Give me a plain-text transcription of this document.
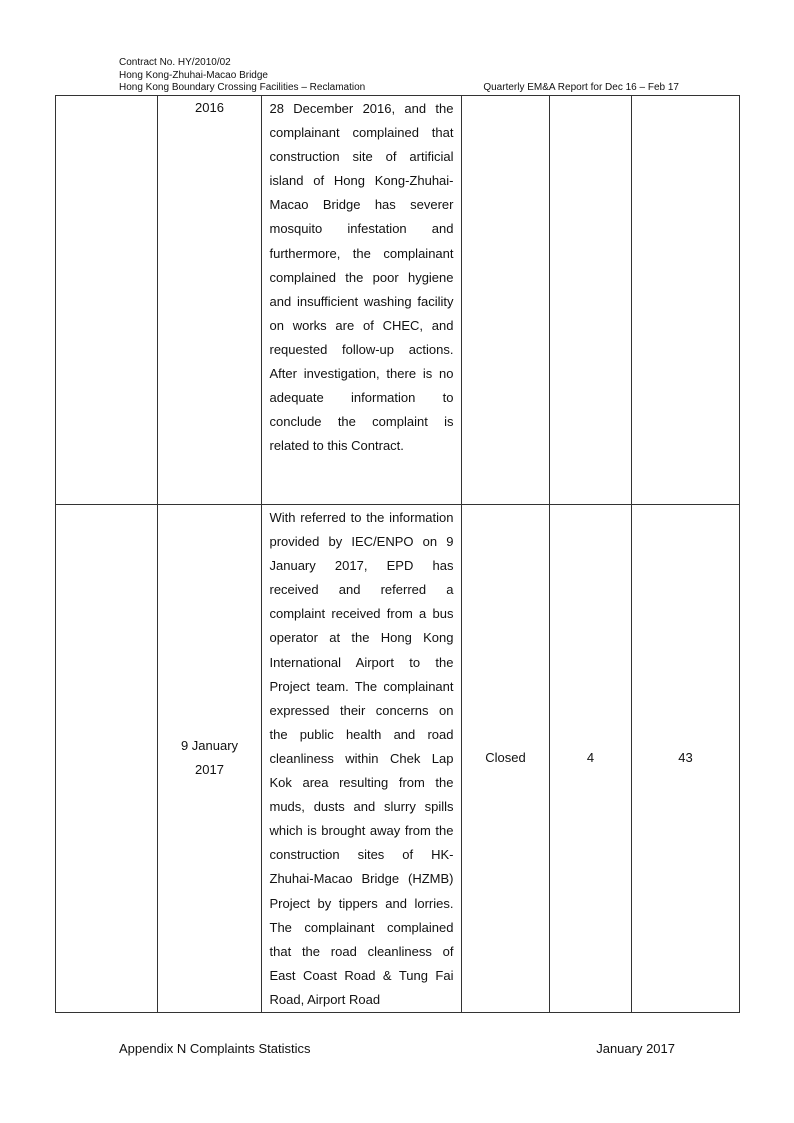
Contract No. HY/2010/02
Hong Kong-Zhuhai-Macao Bridge
Hong Kong Boundary Crossing Facilities – Reclamation	Quarterly EM&A Report for Dec 16 – Feb 17
	2016	28 December 2016, and the complainant complained that construction site of artificial island of Hong Kong-Zhuhai-Macao Bridge has severer mosquito infestation and furthermore, the complainant complained the poor hygiene and insufficient washing facility on works are of CHEC, and requested follow-up actions. After investigation, there is no adequate information to conclude the complaint is related to this Contract.			

	9 January 2017	With referred to the information provided by IEC/ENPO on 9 January 2017, EPD has received and referred a complaint received from a bus operator at the Hong Kong International Airport to the Project team. The complainant expressed their concerns on the public health and road cleanliness within Chek Lap Kok area resulting from the muds, dusts and slurry spills which is brought away from the construction sites of HK-Zhuhai-Macao Bridge (HZMB) Project by tippers and lorries. The complainant complained that the road cleanliness of East Coast Road & Tung Fai Road, Airport Road	Closed	4	43
Appendix N Complaints Statistics	January 2017
